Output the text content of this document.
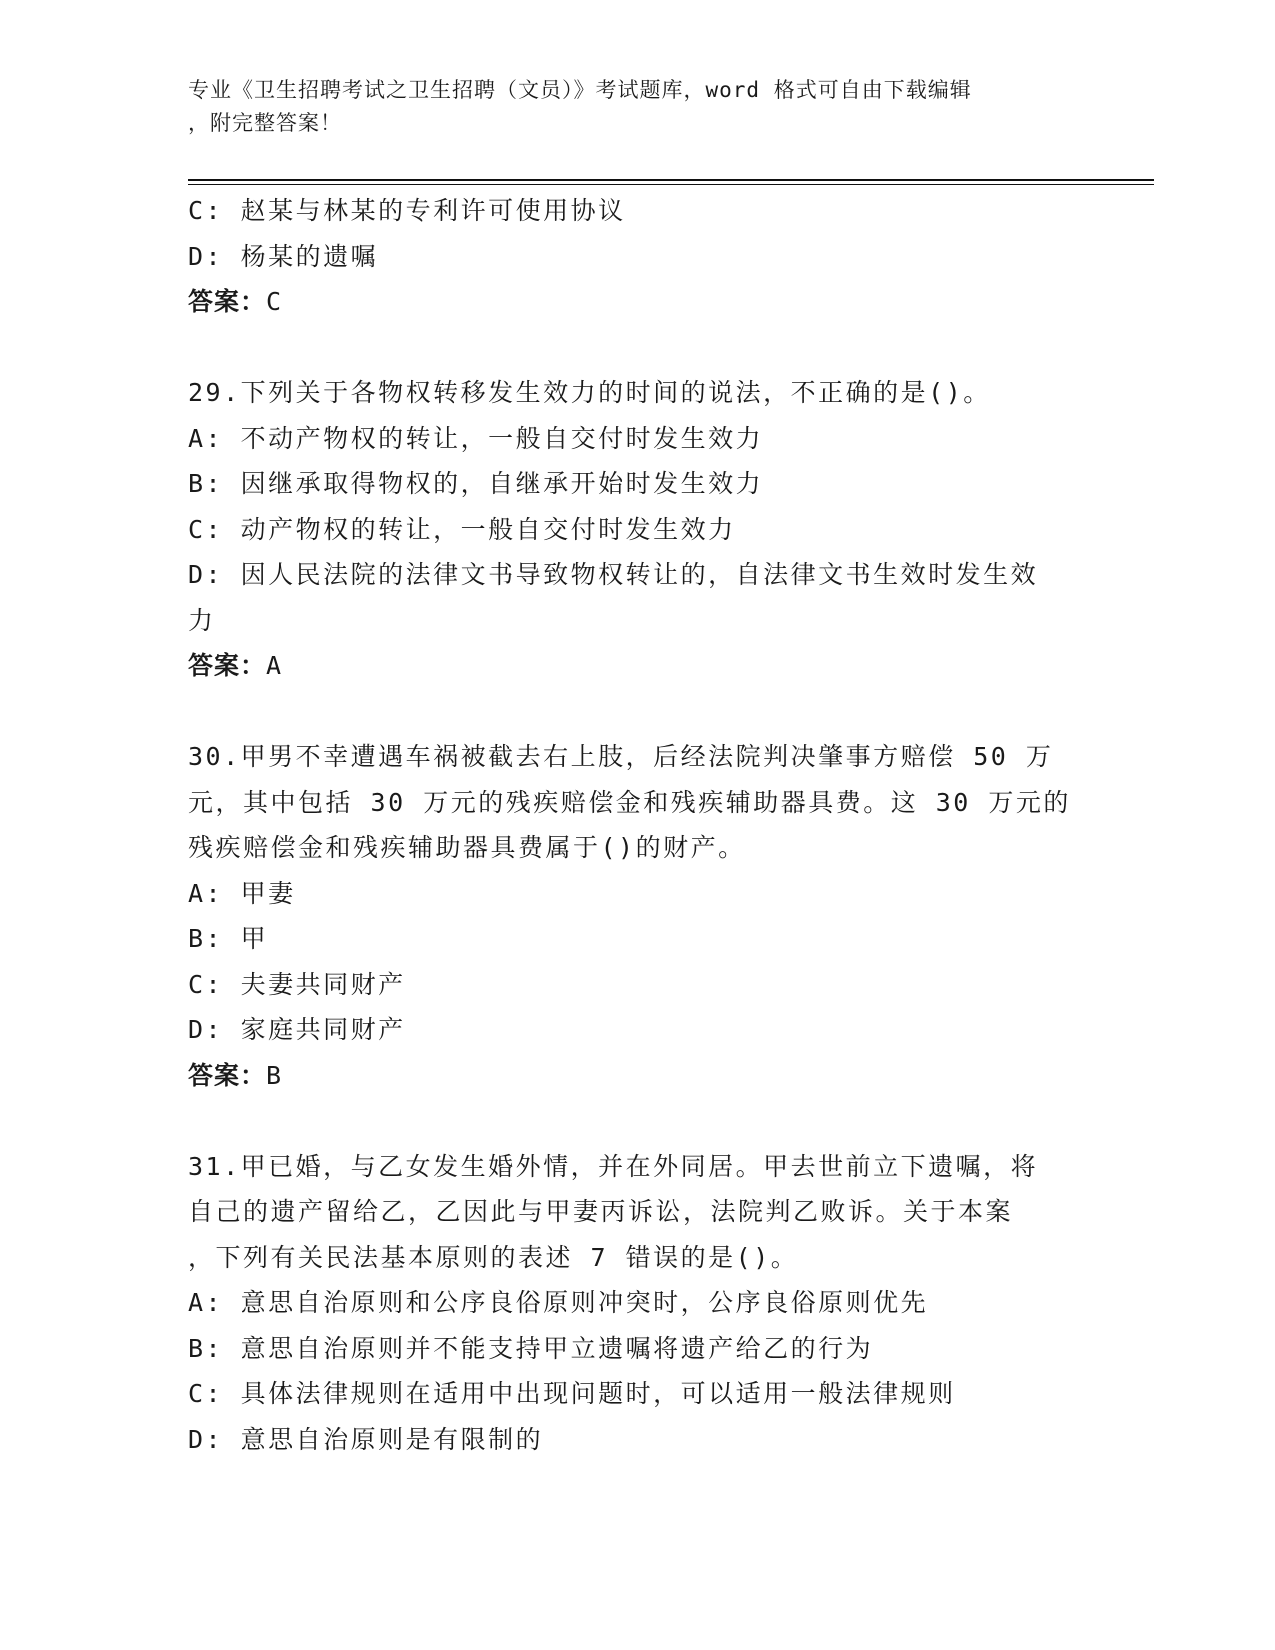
专业《卫生招聘考试之卫生招聘（文员）》考试题库，word 格式可自由下载编辑
，附完整答案！
C: 赵某与林某的专利许可使用协议
D: 杨某的遗嘱
答案：C
29.下列关于各物权转移发生效力的时间的说法，不正确的是()。
A: 不动产物权的转让，一般自交付时发生效力
B: 因继承取得物权的，自继承开始时发生效力
C: 动产物权的转让，一般自交付时发生效力
D: 因人民法院的法律文书导致物权转让的，自法律文书生效时发生效
力
答案：A
30.甲男不幸遭遇车祸被截去右上肢，后经法院判决肇事方赔偿 50 万
元，其中包括 30 万元的残疾赔偿金和残疾辅助器具费。这 30 万元的
残疾赔偿金和残疾辅助器具费属于()的财产。
A: 甲妻
B: 甲
C: 夫妻共同财产
D: 家庭共同财产
答案：B
31.甲已婚，与乙女发生婚外情，并在外同居。甲去世前立下遗嘱，将
自己的遗产留给乙，乙因此与甲妻丙诉讼，法院判乙败诉。关于本案
，下列有关民法基本原则的表述 7 错误的是()。
A: 意思自治原则和公序良俗原则冲突时，公序良俗原则优先
B: 意思自治原则并不能支持甲立遗嘱将遗产给乙的行为
C: 具体法律规则在适用中出现问题时，可以适用一般法律规则
D: 意思自治原则是有限制的
